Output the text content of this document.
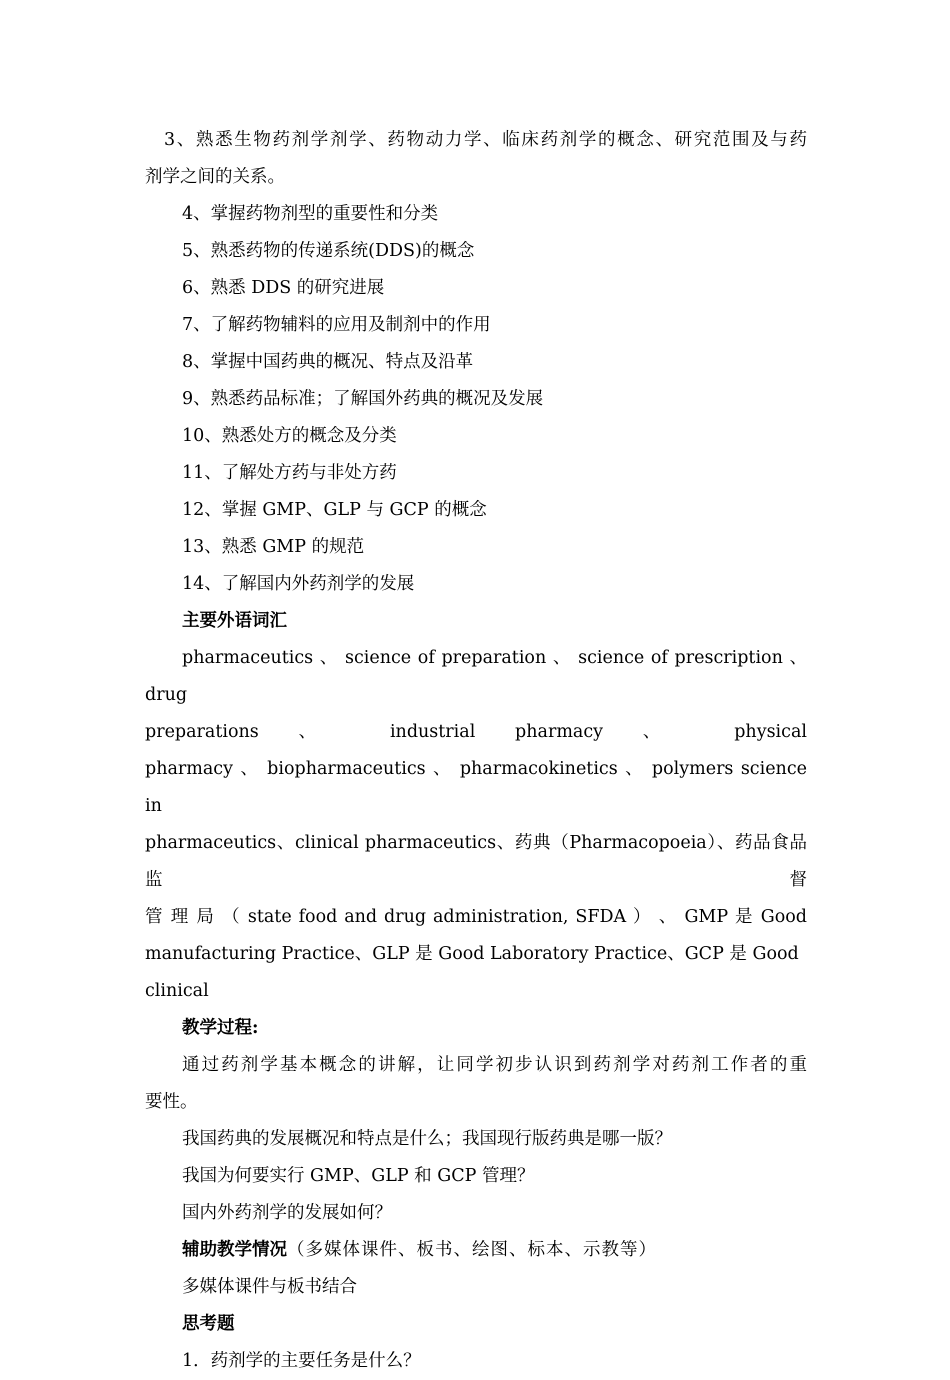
3、熟悉生物药剂学剂学、药物动力学、临床药剂学的概念、研究范围及与药

剂学之间的关系。

4、掌握药物剂型的重要性和分类

5、熟悉药物的传递系统(DDS)的概念

6、熟悉 DDS 的研究进展

7、了解药物辅料的应用及制剂中的作用

8、掌握中国药典的概况、特点及沿革

9、熟悉药品标准；了解国外药典的概况及发展

10、熟悉处方的概念及分类

11、了解处方药与非处方药

12、掌握 GMP、GLP 与 GCP 的概念

13、熟悉 GMP 的规范

14、了解国内外药剂学的发展

主要外语词汇

pharmaceutics 、 science of preparation 、 science of prescription 、 drug

preparations 、 industrial pharmacy 、 physical

pharmacy 、 biopharmaceutics 、 pharmacokinetics 、 polymers science in

pharmaceutics、clinical pharmaceutics、药典（Pharmacopoeia）、药品食品监督

管 理 局 （ state food and drug administration, SFDA ） 、 GMP 是 Good

manufacturing Practice、GLP 是 Good Laboratory Practice、GCP 是 Good clinical

教学过程:

通过药剂学基本概念的讲解，让同学初步认识到药剂学对药剂工作者的重

要性。

我国药典的发展概况和特点是什么；我国现行版药典是哪一版？

我国为何要实行 GMP、GLP 和 GCP 管理？

国内外药剂学的发展如何？

辅助教学情况（多媒体课件、板书、绘图、标本、示教等）

多媒体课件与板书结合

思考题

1．药剂学的主要任务是什么？
